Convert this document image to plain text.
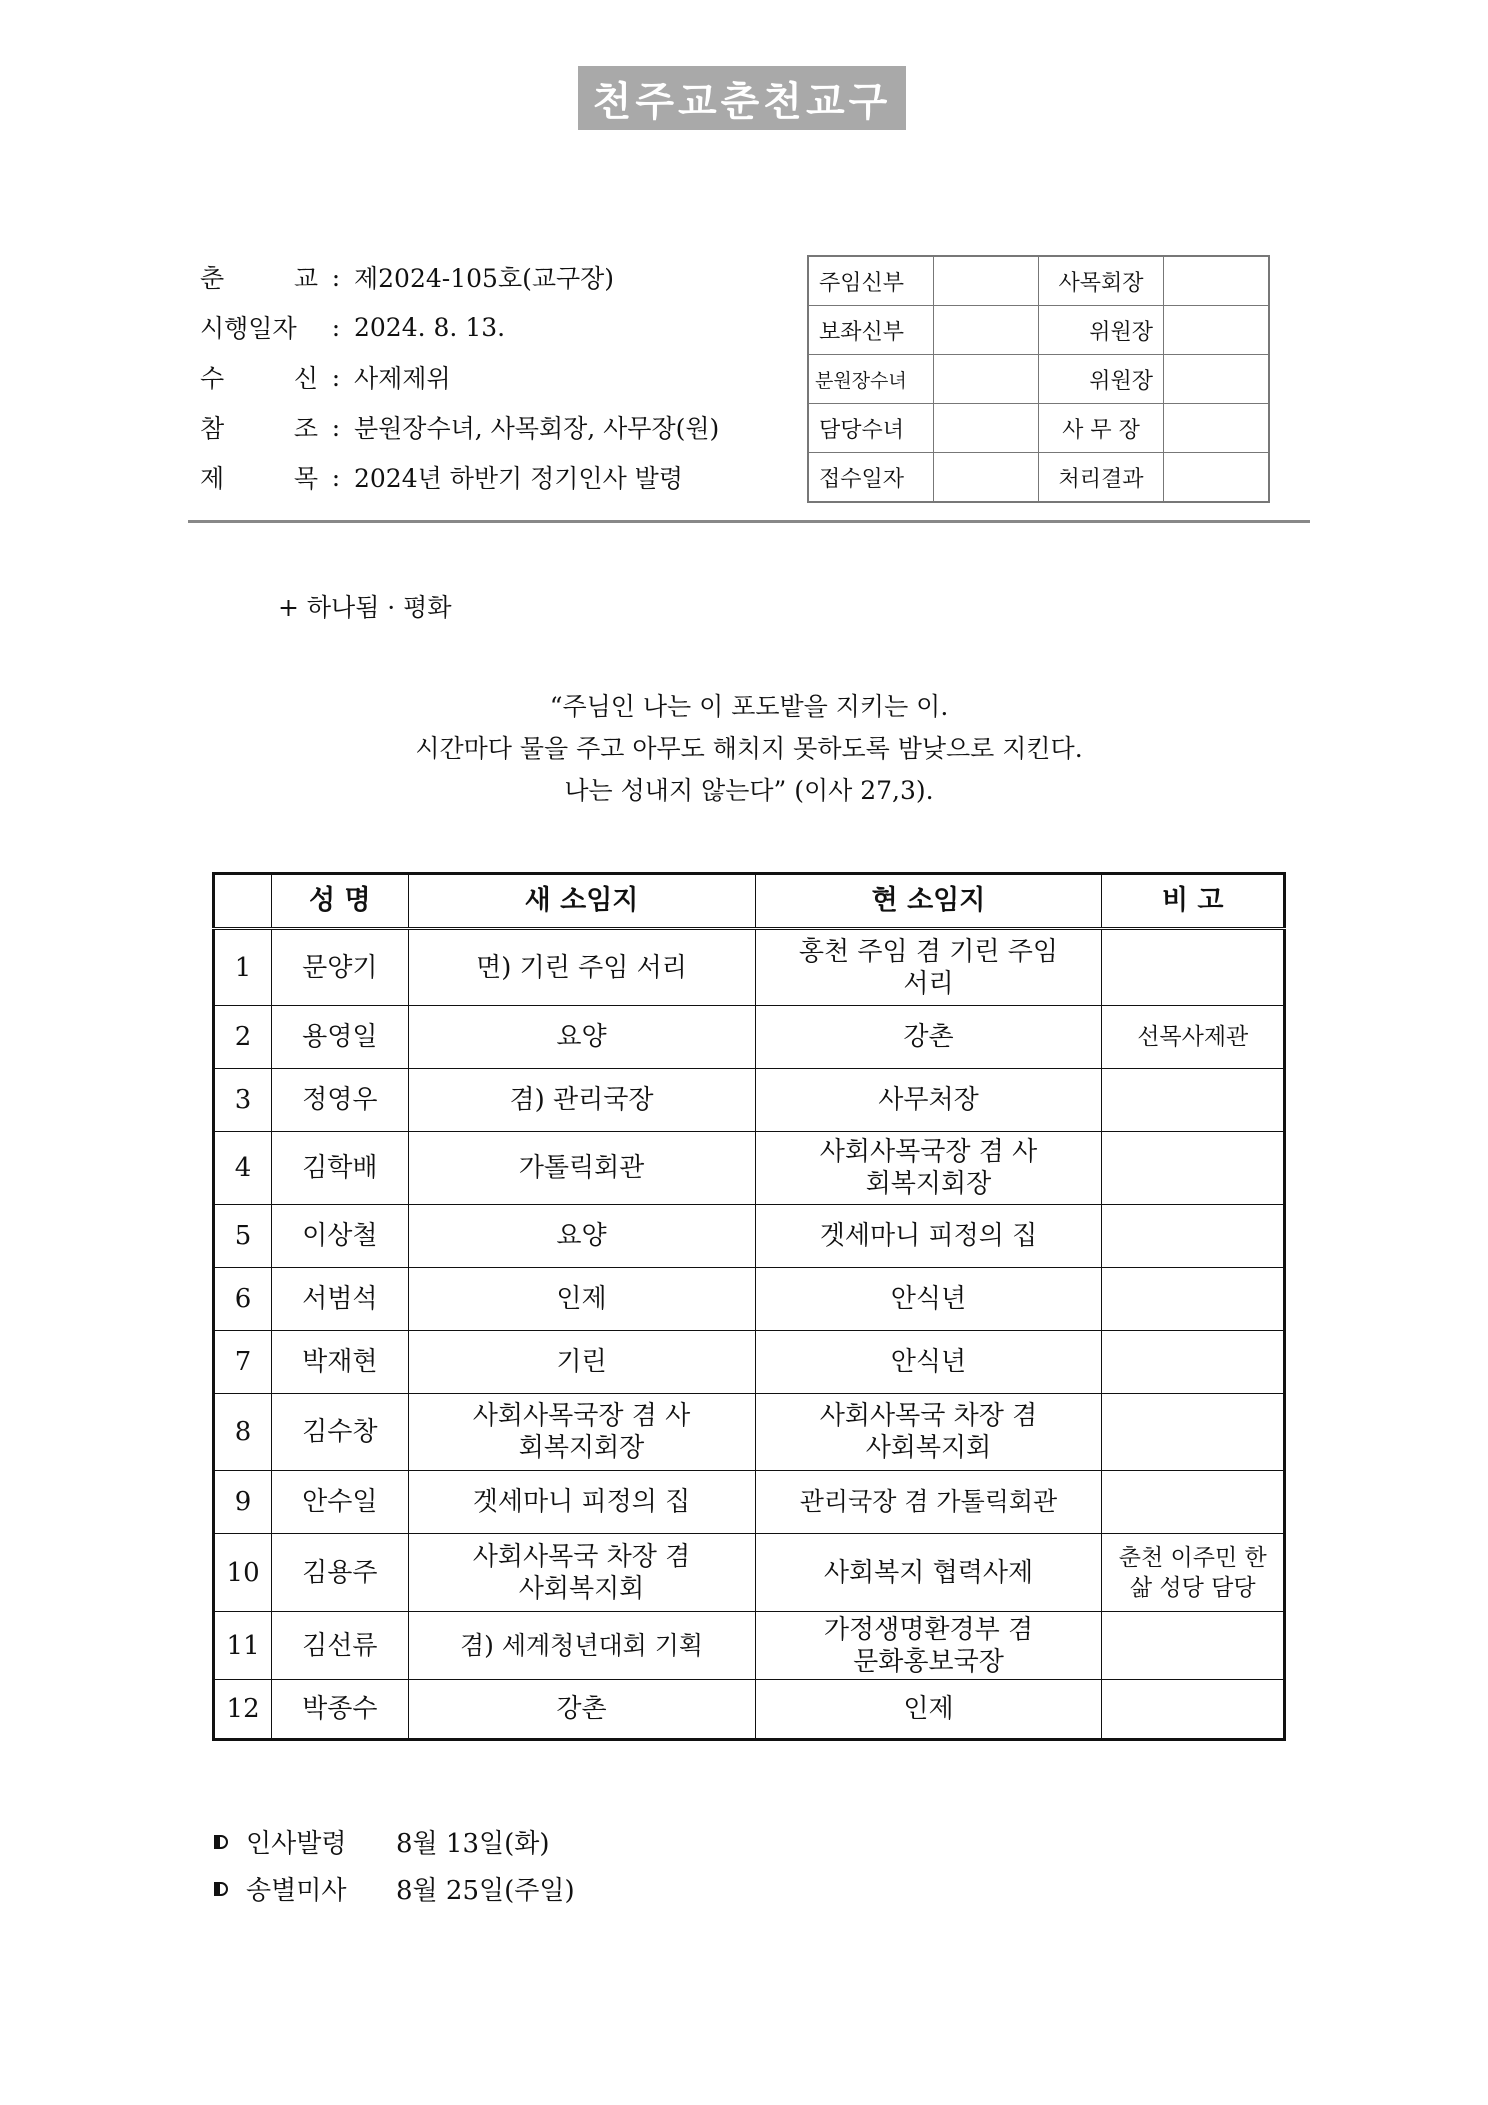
천주교춘천교구
춘	교 : 제2024-105호(교구장)
시행일자	: 2024. 8. 13.
수	신 : 사제제위
참	조 : 분원장수녀, 사목회장, 사무장(원)
제	목 : 2024년 하반기 정기인사 발령
주임신부		사목회장	
보좌신부		위원장	
분원장수녀		위원장	
담당수녀		사 무 장	
접수일자		처리결과	
+ 하나됨 · 평화
“주님인 나는 이 포도밭을 지키는 이.
시간마다 물을 주고 아무도 해치지 못하도록 밤낮으로 지킨다.
나는 성내지 않는다” (이사 27,3).
	성 명	새 소임지	현 소임지	비 고
1	문양기	면) 기린 주임 서리	홍천 주임 겸 기린 주임 서리	
2	용영일	요양	강촌	선목사제관
3	정영우	겸) 관리국장	사무처장	
4	김학배	가톨릭회관	사회사목국장 겸 사회복지회장	
5	이상철	요양	겟세마니 피정의 집	
6	서범석	인제	안식년	
7	박재현	기린	안식년	
8	김수창	사회사목국장 겸 사회복지회장	사회사목국 차장 겸 사회복지회	
9	안수일	겟세마니 피정의 집	관리국장 겸 가톨릭회관	
10	김용주	사회사목국 차장 겸 사회복지회	사회복지 협력사제	춘천 이주민 한삶 성당 담당
11	김선류	겸) 세계청년대회 기획	가정생명환경부 겸 문화홍보국장	
12	박종수	강촌	인제	
인사발령	8월 13일(화)
송별미사	8월 25일(주일)
